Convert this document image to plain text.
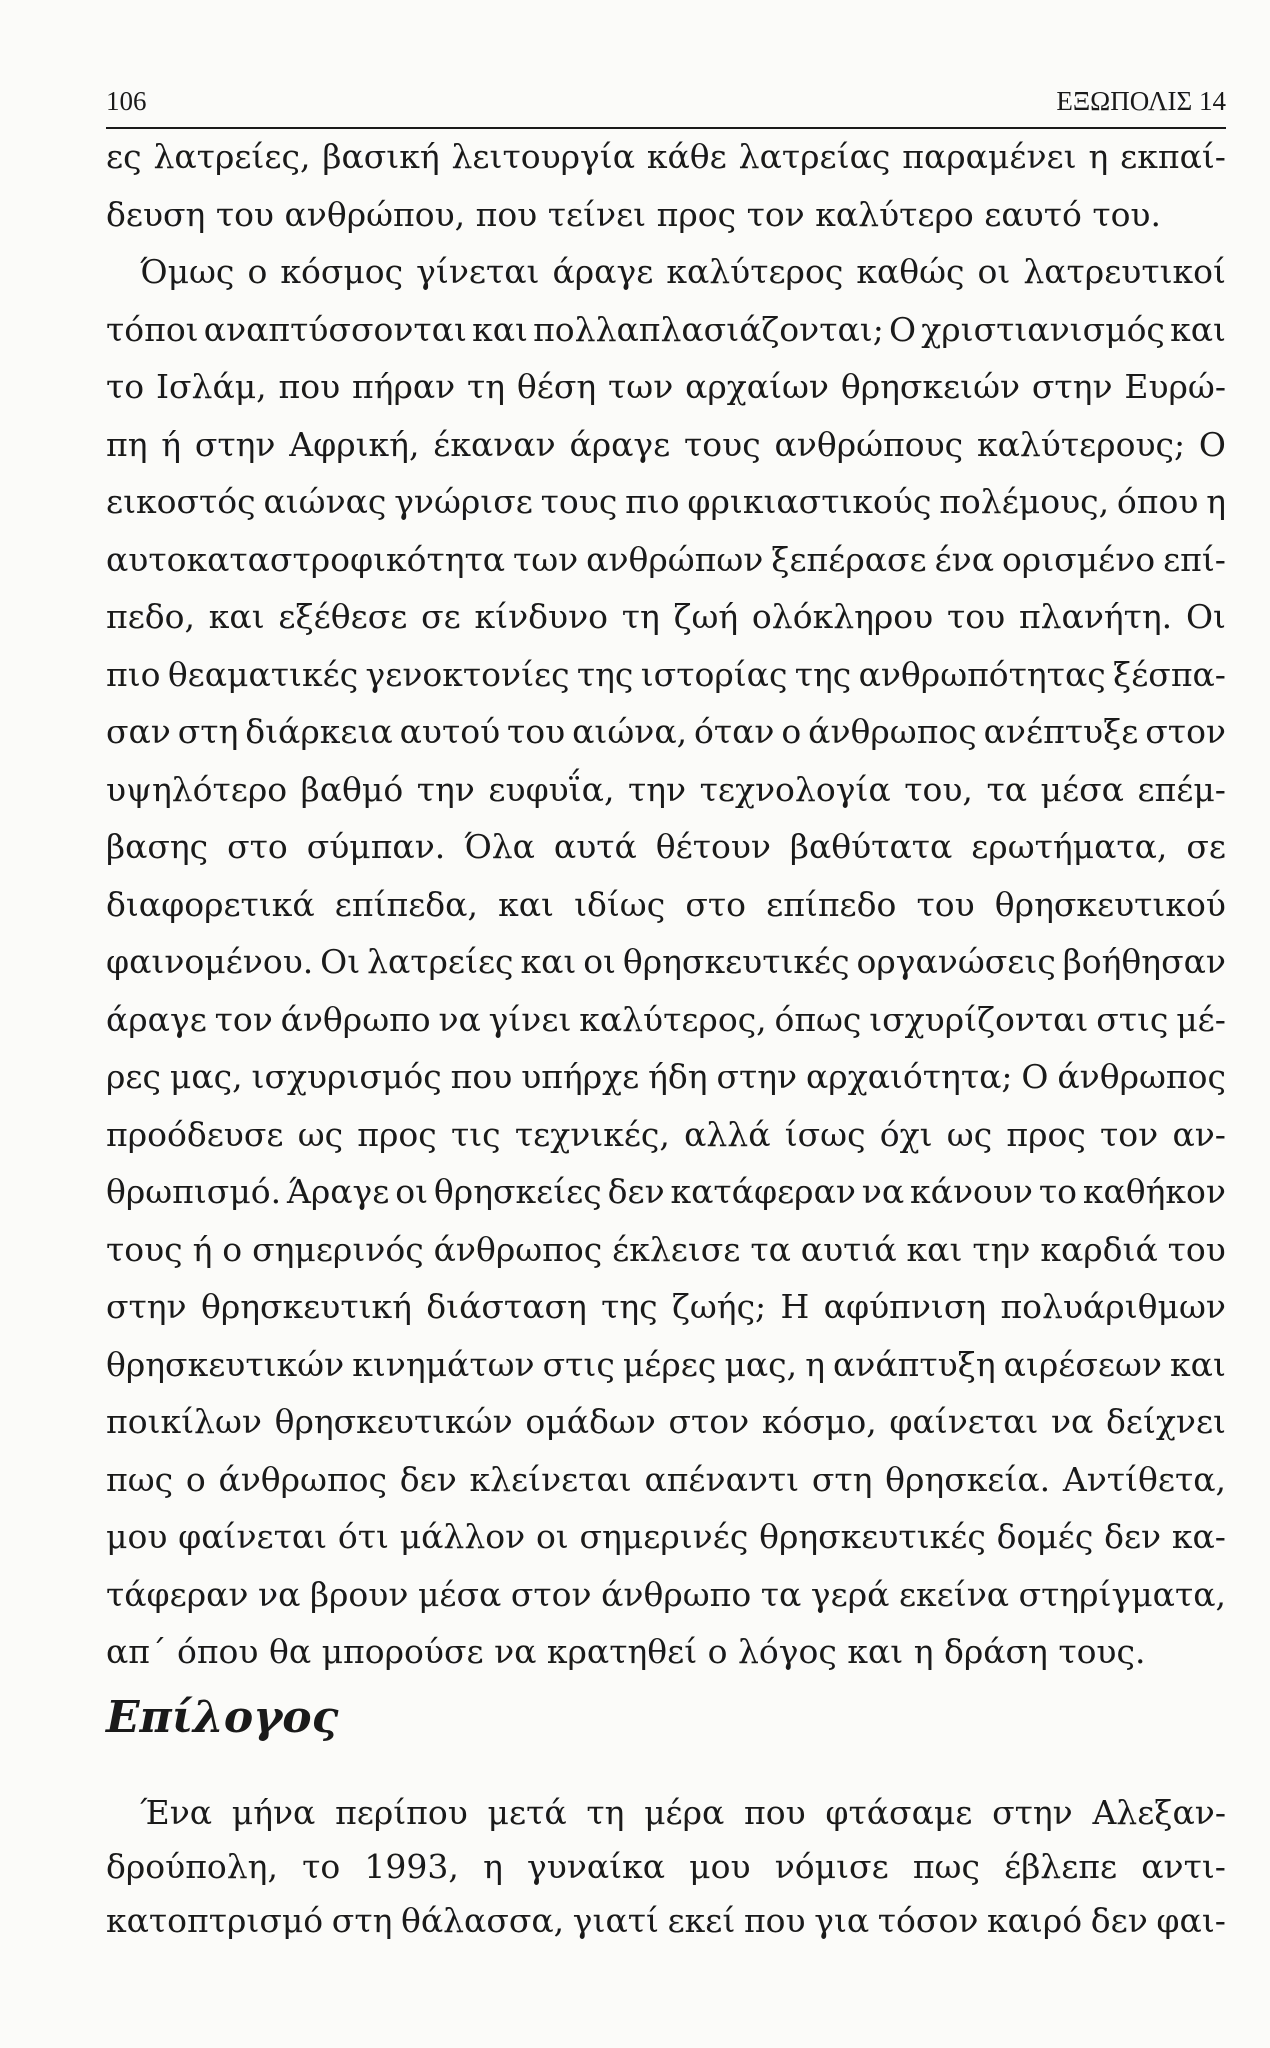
106	ΕΞΩΠΟΛΙΣ 14
ες λατρείες, βασική λειτουργία κάθε λατρείας παραμένει η εκπαί-
δευση του ανθρώπου, που τείνει προς τον καλύτερο εαυτό του.
Όμως ο κόσμος γίνεται άραγε καλύτερος καθώς οι λατρευτικοί
τόποι αναπτύσσονται και πολλαπλασιάζονται; Ο χριστιανισμός και
το Ισλάμ, που πήραν τη θέση των αρχαίων θρησκειών στην Ευρώ-
πη ή στην Αφρική, έκαναν άραγε τους ανθρώπους καλύτερους; Ο
εικοστός αιώνας γνώρισε τους πιο φρικιαστικούς πολέμους, όπου η
αυτοκαταστροφικότητα των ανθρώπων ξεπέρασε ένα ορισμένο επί-
πεδο, και εξέθεσε σε κίνδυνο τη ζωή ολόκληρου του πλανήτη. Οι
πιο θεαματικές γενοκτονίες της ιστορίας της ανθρωπότητας ξέσπα-
σαν στη διάρκεια αυτού του αιώνα, όταν ο άνθρωπος ανέπτυξε στον
υψηλότερο βαθμό την ευφυΐα, την τεχνολογία του, τα μέσα επέμ-
βασης στο σύμπαν. Όλα αυτά θέτουν βαθύτατα ερωτήματα, σε
διαφορετικά επίπεδα, και ιδίως στο επίπεδο του θρησκευτικού
φαινομένου. Οι λατρείες και οι θρησκευτικές οργανώσεις βοήθησαν
άραγε τον άνθρωπο να γίνει καλύτερος, όπως ισχυρίζονται στις μέ-
ρες μας, ισχυρισμός που υπήρχε ήδη στην αρχαιότητα; Ο άνθρωπος
προόδευσε ως προς τις τεχνικές, αλλά ίσως όχι ως προς τον αν-
θρωπισμό. Άραγε οι θρησκείες δεν κατάφεραν να κάνουν το καθήκον
τους ή ο σημερινός άνθρωπος έκλεισε τα αυτιά και την καρδιά του
στην θρησκευτική διάσταση της ζωής; Η αφύπνιση πολυάριθμων
θρησκευτικών κινημάτων στις μέρες μας, η ανάπτυξη αιρέσεων και
ποικίλων θρησκευτικών ομάδων στον κόσμο, φαίνεται να δείχνει
πως ο άνθρωπος δεν κλείνεται απέναντι στη θρησκεία. Αντίθετα,
μου φαίνεται ότι μάλλον οι σημερινές θρησκευτικές δομές δεν κα-
τάφεραν να βρουν μέσα στον άνθρωπο τα γερά εκείνα στηρίγματα,
απ΄ όπου θα μπορούσε να κρατηθεί ο λόγος και η δράση τους.
Επίλογος
Ένα μήνα περίπου μετά τη μέρα που φτάσαμε στην Αλεξαν-
δρούπολη, το 1993, η γυναίκα μου νόμισε πως έβλεπε αντι-
κατοπτρισμό στη θάλασσα, γιατί εκεί που για τόσον καιρό δεν φαι-
